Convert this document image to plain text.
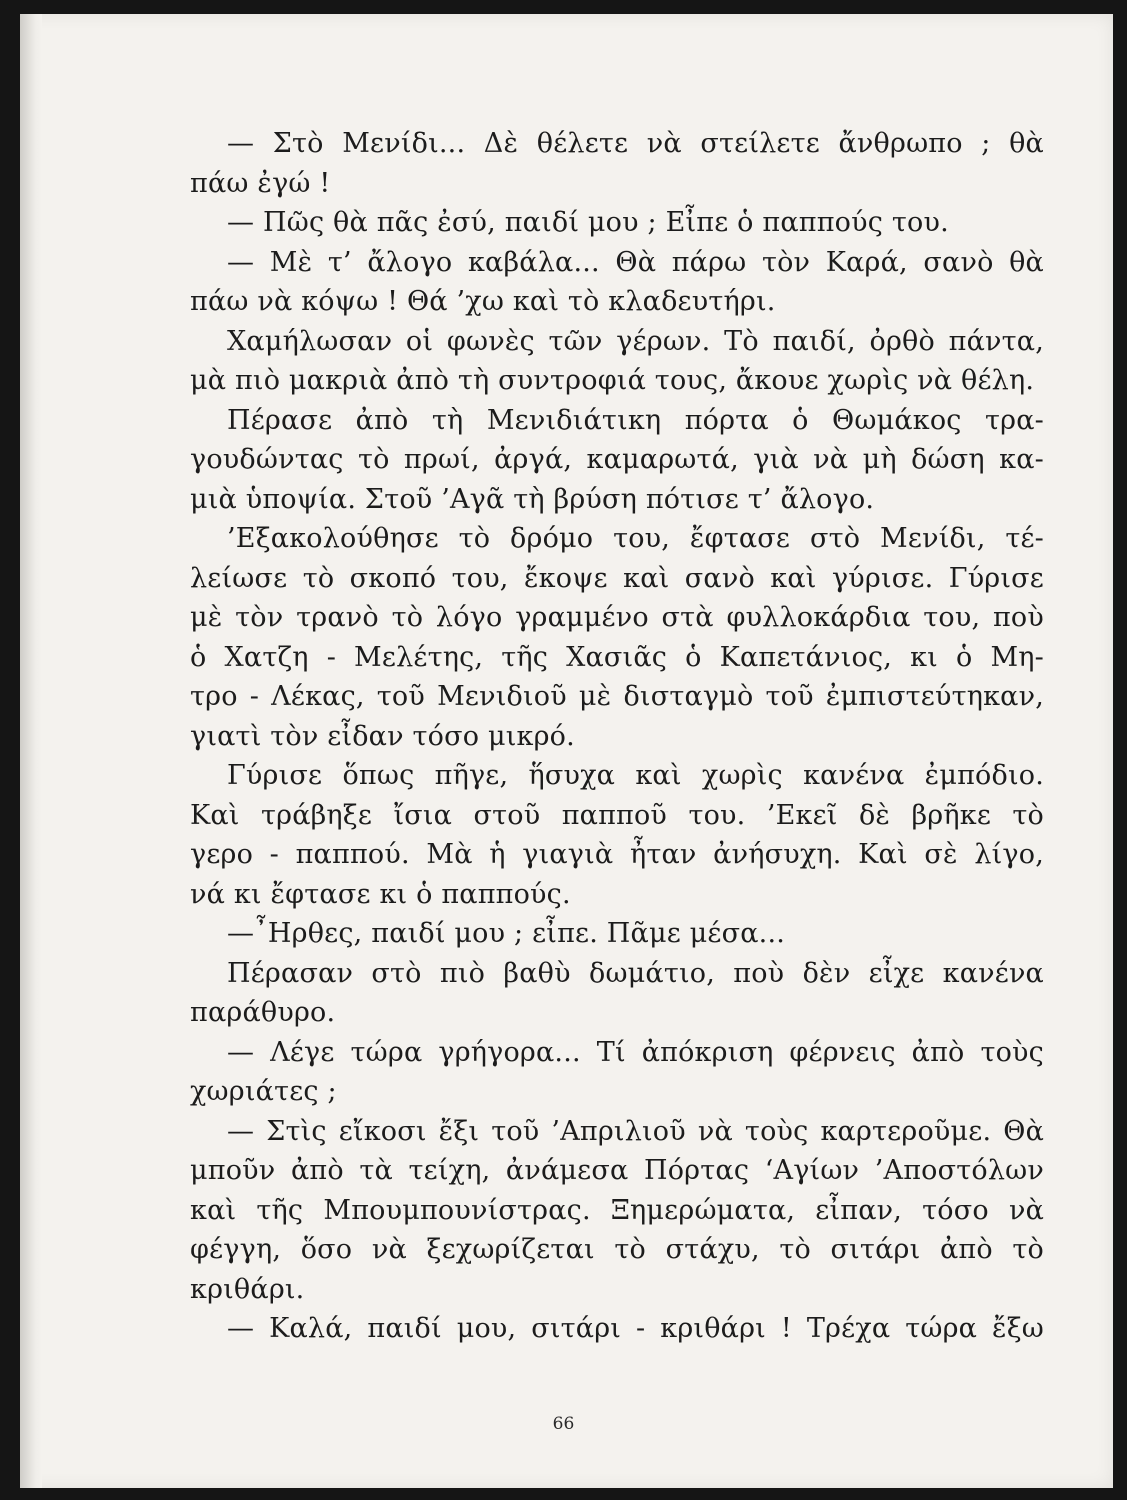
— Στὸ Μενίδι... Δὲ θέλετε νὰ στείλετε ἄνθρωπο ; θὰ
πάω ἐγώ !
— Πῶς θὰ πᾶς ἐσύ, παιδί μου ; Εἶπε ὁ παππούς του.
— Μὲ τ’ ἄλογο καβάλα... Θὰ πάρω τὸν Καρά, σανὸ θὰ
πάω νὰ κόψω ! Θά ’χω καὶ τὸ κλαδευτήρι.
Χαμήλωσαν οἱ φωνὲς τῶν γέρων. Τὸ παιδί, ὀρθὸ πάντα,
μὰ πιὸ μακριὰ ἀπὸ τὴ συντροφιά τους, ἄκουε χωρὶς νὰ θέλη.
Πέρασε ἀπὸ τὴ Μενιδιάτικη πόρτα ὁ Θωμάκος τρα-
γουδώντας τὸ πρωί, ἀργά, καμαρωτά, γιὰ νὰ μὴ δώση κα-
μιὰ ὑποψία. Στοῦ ’Αγᾶ τὴ βρύση πότισε τ’ ἄλογο.
’Εξακολούθησε τὸ δρόμο του, ἔφτασε στὸ Μενίδι, τέ-
λείωσε τὸ σκοπό του, ἔκοψε καὶ σανὸ καὶ γύρισε. Γύρισε
μὲ τὸν τρανὸ τὸ λόγο γραμμένο στὰ φυλλοκάρδια του, ποὺ
ὁ Χατζη - Μελέτης, τῆς Χασιᾶς ὁ Καπετάνιος, κι ὁ Μη-
τρο - Λέκας, τοῦ Μενιδιοῦ μὲ δισταγμὸ τοῦ ἐμπιστεύτηκαν,
γιατὶ τὸν εἶδαν τόσο μικρό.
Γύρισε ὅπως πῆγε, ἥσυχα καὶ χωρὶς κανένα ἐμπόδιο.
Καὶ τράβηξε ἴσια στοῦ παπποῦ του. ’Εκεῖ δὲ βρῆκε τὸ
γερο - παππού. Μὰ ἡ γιαγιὰ ἦταν ἀνήσυχη. Καὶ σὲ λίγο,
νά κι ἔφτασε κι ὁ παππούς.
—῏Ηρθες, παιδί μου ; εἶπε. Πᾶμε μέσα...
Πέρασαν στὸ πιὸ βαθὺ δωμάτιο, ποὺ δὲν εἶχε κανένα
παράθυρο.
— Λέγε τώρα γρήγορα... Τί ἀπόκριση φέρνεις ἀπὸ τοὺς
χωριάτες ;
— Στὶς εἴκοσι ἔξι τοῦ ’Απριλιοῦ νὰ τοὺς καρτεροῦμε. Θὰ
μποῦν ἀπὸ τὰ τείχη, ἀνάμεσα Πόρτας ‘Αγίων ’Αποστόλων
καὶ τῆς Μπουμπουνίστρας. Ξημερώματα, εἶπαν, τόσο νὰ
φέγγη, ὅσο νὰ ξεχωρίζεται τὸ στάχυ, τὸ σιτάρι ἀπὸ τὸ
κριθάρι.
— Καλά, παιδί μου, σιτάρι - κριθάρι ! Τρέχα τώρα ἔξω
66
